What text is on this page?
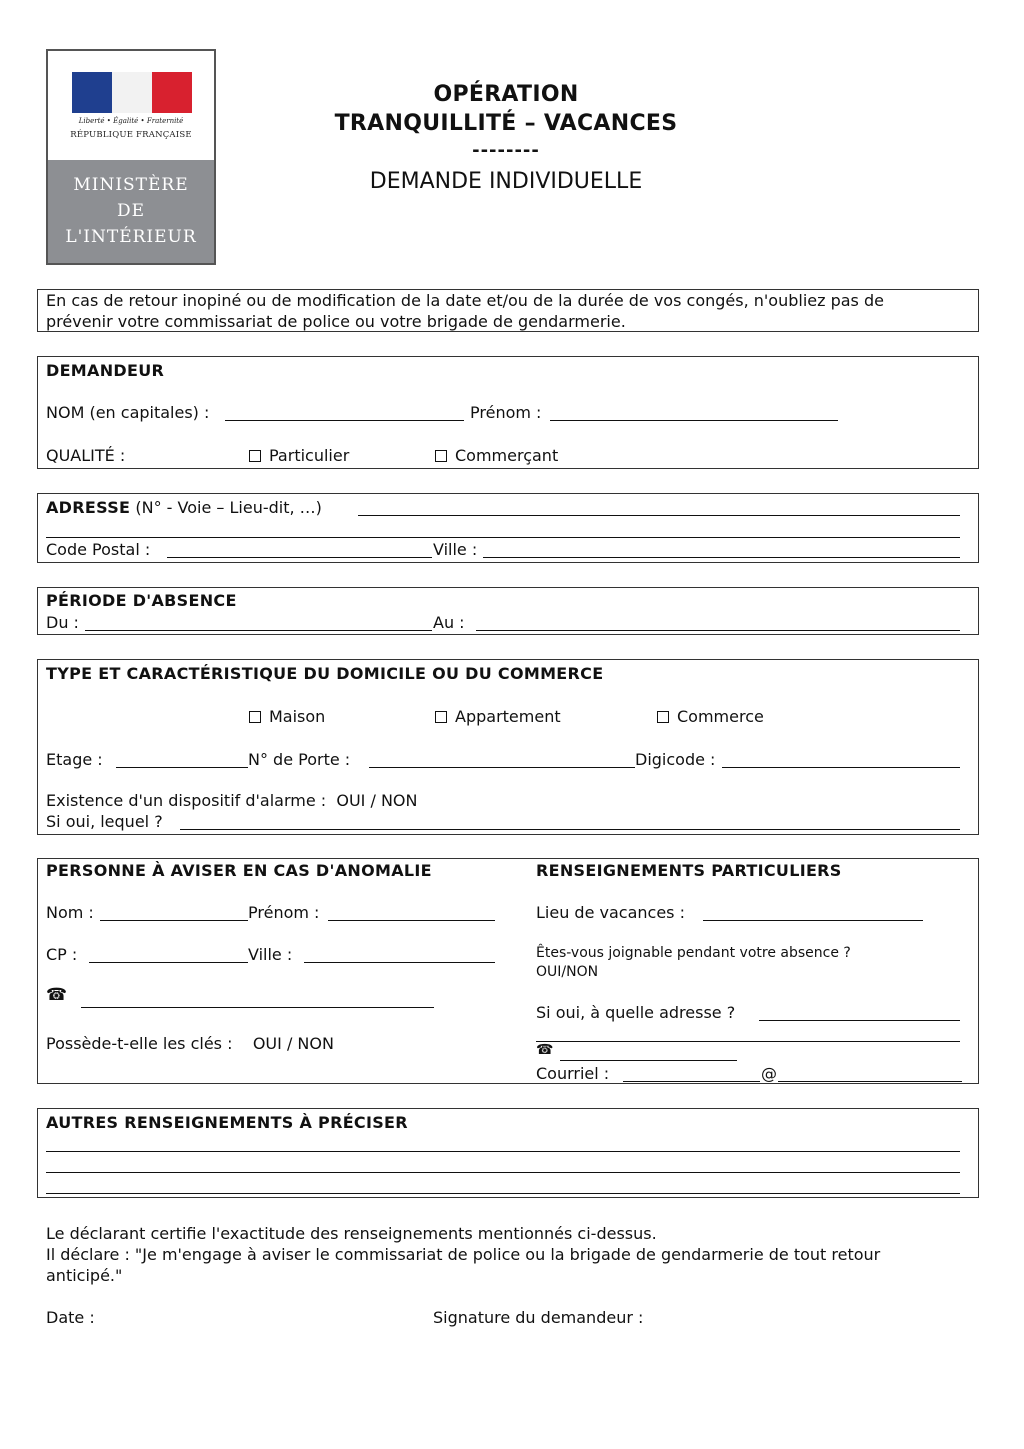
Liberté • Égalité • Fraternité
RÉPUBLIQUE FRANÇAISE
MINISTÈRE
DE
L'INTÉRIEUR
OPÉRATION
TRANQUILLITÉ – VACANCES
--------
DEMANDE INDIVIDUELLE
En cas de retour inopiné ou de modification de la date et/ou de la durée de vos congés, n'oubliez pas de
prévenir votre commissariat de police ou votre brigade de gendarmerie.
DEMANDEUR
NOM (en capitales) :	Prénom :
QUALITÉ :	Particulier	Commerçant
ADRESSE (N° - Voie – Lieu-dit, …)
Code Postal :	Ville :
PÉRIODE D'ABSENCE
Du :	Au :
TYPE ET CARACTÉRISTIQUE DU DOMICILE OU DU COMMERCE
Maison	Appartement	Commerce
Etage :	N° de Porte :	Digicode :
Existence d'un dispositif d'alarme : OUI / NON
Si oui, lequel ?
PERSONNE À AVISER EN CAS D'ANOMALIE
Nom :	Prénom :
CP :	Ville :
☎
Possède-t-elle les clés : OUI / NON
RENSEIGNEMENTS PARTICULIERS
Lieu de vacances :
Êtes-vous joignable pendant votre absence ?
OUI/NON
Si oui, à quelle adresse ?
☎
Courriel :	@
AUTRES RENSEIGNEMENTS À PRÉCISER
Le déclarant certifie l'exactitude des renseignements mentionnés ci-dessus.
Il déclare : "Je m'engage à aviser le commissariat de police ou la brigade de gendarmerie de tout retour
anticipé."
Date :	Signature du demandeur :
